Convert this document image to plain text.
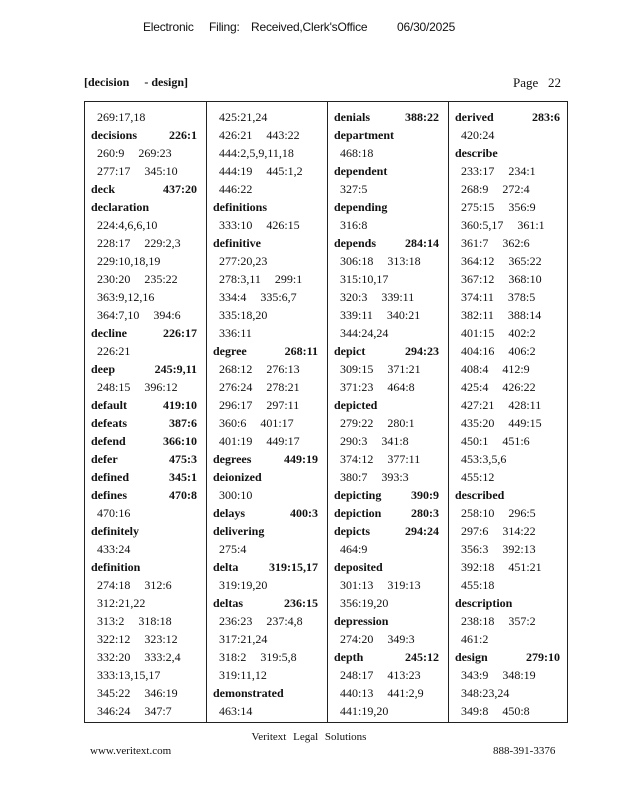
Electronic Filing: Received,Clerk'sOffice 06/30/2025
[decision     - design]	Page   22
269:17,18
decisions	226:1
260:9 269:23
277:17 345:10
deck	437:20
declaration
224:4,6,6,10
228:17 229:2,3
229:10,18,19
230:20 235:22
363:9,12,16
364:7,10 394:6
decline	226:17
226:21
deep	245:9,11
248:15 396:12
default	419:10
defeats	387:6
defend	366:10
defer	475:3
defined	345:1
defines	470:8
470:16
definitely
433:24
definition
274:18 312:6
312:21,22
313:2 318:18
322:12 323:12
332:20 333:2,4
333:13,15,17
345:22 346:19
346:24 347:7
425:21,24
426:21 443:22
444:2,5,9,11,18
444:19 445:1,2
446:22
definitions
333:10 426:15
definitive
277:20,23
278:3,11 299:1
334:4 335:6,7
335:18,20
336:11
degree	268:11
268:12 276:13
276:24 278:21
296:17 297:11
360:6 401:17
401:19 449:17
degrees	449:19
deionized
300:10
delays	400:3
delivering
275:4
delta	319:15,17
319:19,20
deltas	236:15
236:23 237:4,8
317:21,24
318:2 319:5,8
319:11,12
demonstrated
463:14
denials	388:22
department
468:18
dependent
327:5
depending
316:8
depends 284:14
306:18 313:18
315:10,17
320:3 339:11
339:11 340:21
344:24,24
depict	294:23
309:15 371:21
371:23 464:8
depicted
279:22 280:1
290:3 341:8
374:12 377:11
380:7 393:3
depicting 390:9
depiction 280:3
depicts	294:24
464:9
deposited
301:13 319:13
356:19,20
depression
274:20 349:3
depth	245:12
248:17 413:23
440:13 441:2,9
441:19,20
derived	283:6
420:24
describe
233:17 234:1
268:9 272:4
275:15 356:9
360:5,17 361:1
361:7 362:6
364:12 365:22
367:12 368:10
374:11 378:5
382:11 388:14
401:15 402:2
404:16 406:2
408:4 412:9
425:4 426:22
427:21 428:11
435:20 449:15
450:1 451:6
453:3,5,6
455:12
described
258:10 296:5
297:6 314:22
356:3 392:13
392:18 451:21
455:18
description
238:18 357:2
461:2
design	279:10
343:9 348:19
348:23,24
349:8 450:8
Veritext Legal Solutions
www.veritext.com	888-391-3376
